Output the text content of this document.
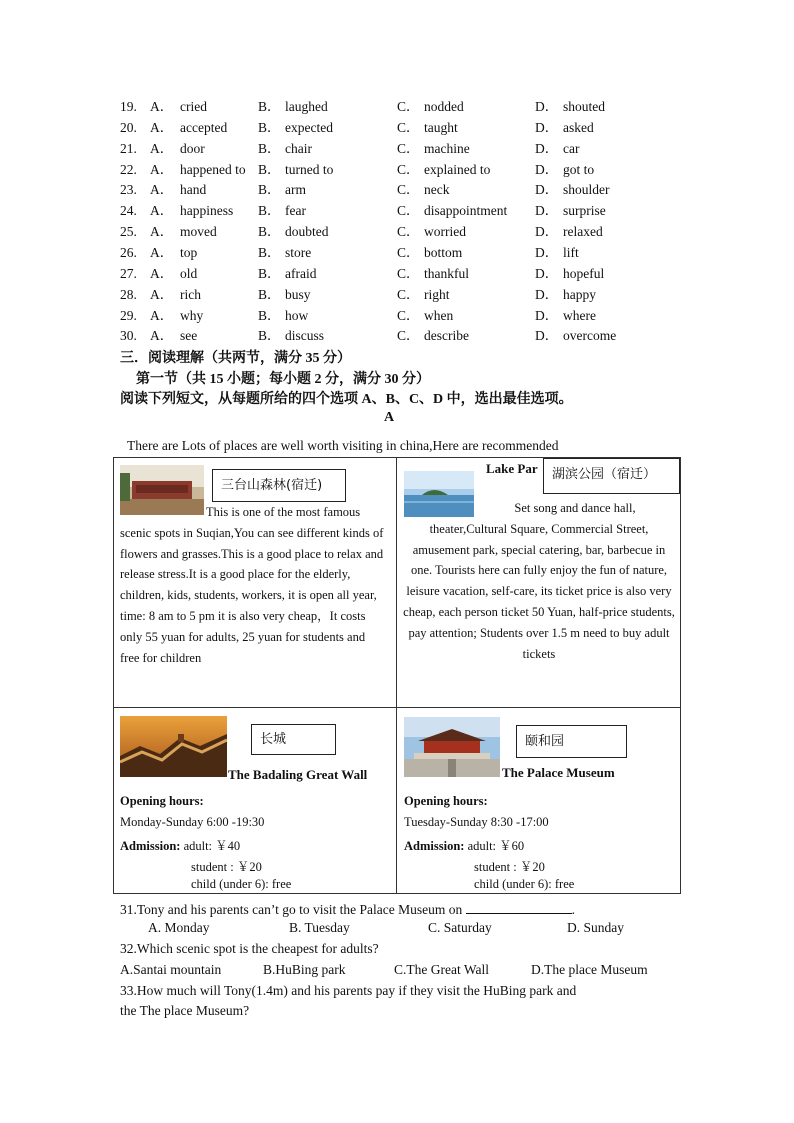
19. A． cried	B． laughed	C． nodded	D． shouted
20. A． accepted B． expected	C． taught	D． asked
21. A． door	B． chair	C． machine	D． car
22. A． happened to B． turned to	C． explained to	D． got to
23. A． hand	B． arm	C． neck	D． shoulder
24. A． happiness B． fear	C． disappointment D． surprise
25. A． moved	B． doubted	C． worried	D． relaxed
26. A． top	B． store	C． bottom	D． lift
27. A． old	B． afraid	C． thankful	D． hopeful
28. A． rich	B． busy	C． right	D． happy
29. A． why	B． how	C． when	D． where
30. A． see	B． discuss	C． describe	D． overcome
三．阅读理解（共两节，满分 35 分）
第一节（共 15 小题；每小题 2 分，满分 30 分）
阅读下列短文，从每题所给的四个选项 A、B、C、D 中，选出最佳选项。
A
There are Lots of places are well worth visiting in china,Here are recommended
三台山森林(宿迁)
This is one of the most famous scenic spots in Suqian,You can see different kinds of flowers and grasses.This is a good place to relax and release stress.It is a good place for the elderly, children, kids, students, workers, it is open all year, time: 8 am to 5 pm it is also very cheap，It costs only 55 yuan for adults, 25 yuan for students and free for children
Lake Par	湖滨公园（宿迁）
Set song and dance hall, theater,Cultural Square, Commercial Street, amusement park, special catering, bar, barbecue in one. Tourists here can fully enjoy the fun of nature, leisure vacation, self-care, its ticket price is also very cheap, each person ticket 50 Yuan, half-price students, pay attention; Students over 1.5 m need to buy adult tickets
长城
The Badaling Great Wall
Opening hours:
Monday-Sunday 6:00 -19:30
Admission: adult: ￥40
student : ￥20
child (under 6): free
颐和园
The Palace Museum
Opening hours:
Tuesday-Sunday 8:30 -17:00
Admission: adult: ￥60
student : ￥20
child (under 6): free
31.Tony and his parents can’t go to visit the Palace Museum on	.
A. Monday	B. Tuesday	C. Saturday	D. Sunday
32.Which scenic spot is the cheapest for adults?
A.Santai mountain	B.HuBing park	C.The Great Wall	D.The place Museum
33.How much will Tony(1.4m) and his parents pay if they visit the HuBing park and
the The place Museum?
